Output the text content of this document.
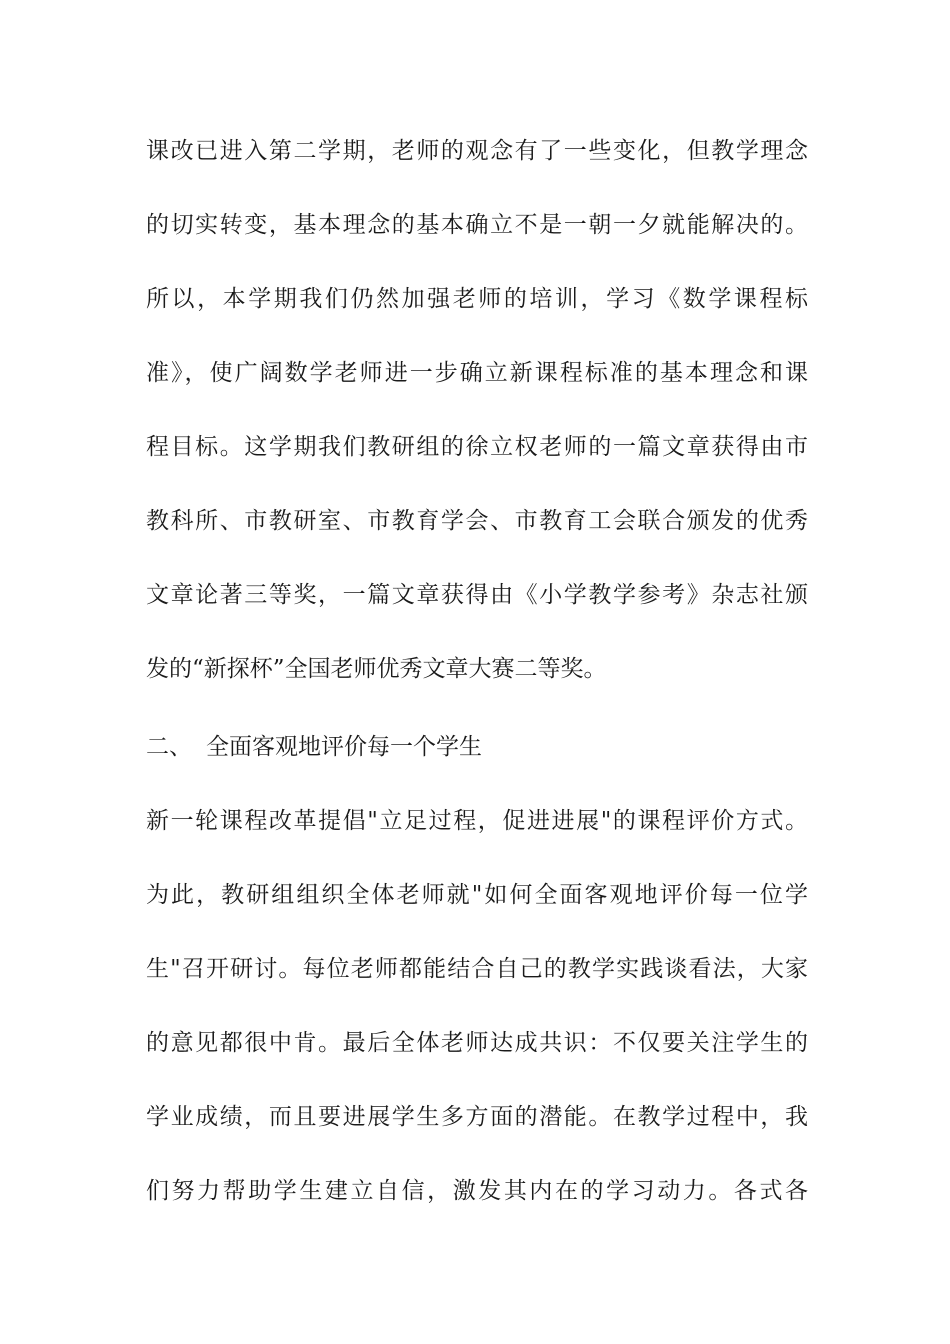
课改已进入第二学期，老师的观念有了一些变化，但教学理念
的切实转变，基本理念的基本确立不是一朝一夕就能解决的。
所以，本学期我们仍然加强老师的培训，学习《数学课程标
准》，使广阔数学老师进一步确立新课程标准的基本理念和课
程目标。这学期我们教研组的徐立权老师的一篇文章获得由市
教科所、市教研室、市教育学会、市教育工会联合颁发的优秀
文章论著三等奖，一篇文章获得由《小学教学参考》杂志社颁
发的“新探杯”全国老师优秀文章大赛二等奖。
二、 全面客观地评价每一个学生
新一轮课程改革提倡"立足过程，促进进展"的课程评价方式。
为此，教研组组织全体老师就"如何全面客观地评价每一位学
生"召开研讨。每位老师都能结合自己的教学实践谈看法，大家
的意见都很中肯。最后全体老师达成共识：不仅要关注学生的
学业成绩，而且要进展学生多方面的潜能。在教学过程中，我
们努力帮助学生建立自信，激发其内在的学习动力。各式各
